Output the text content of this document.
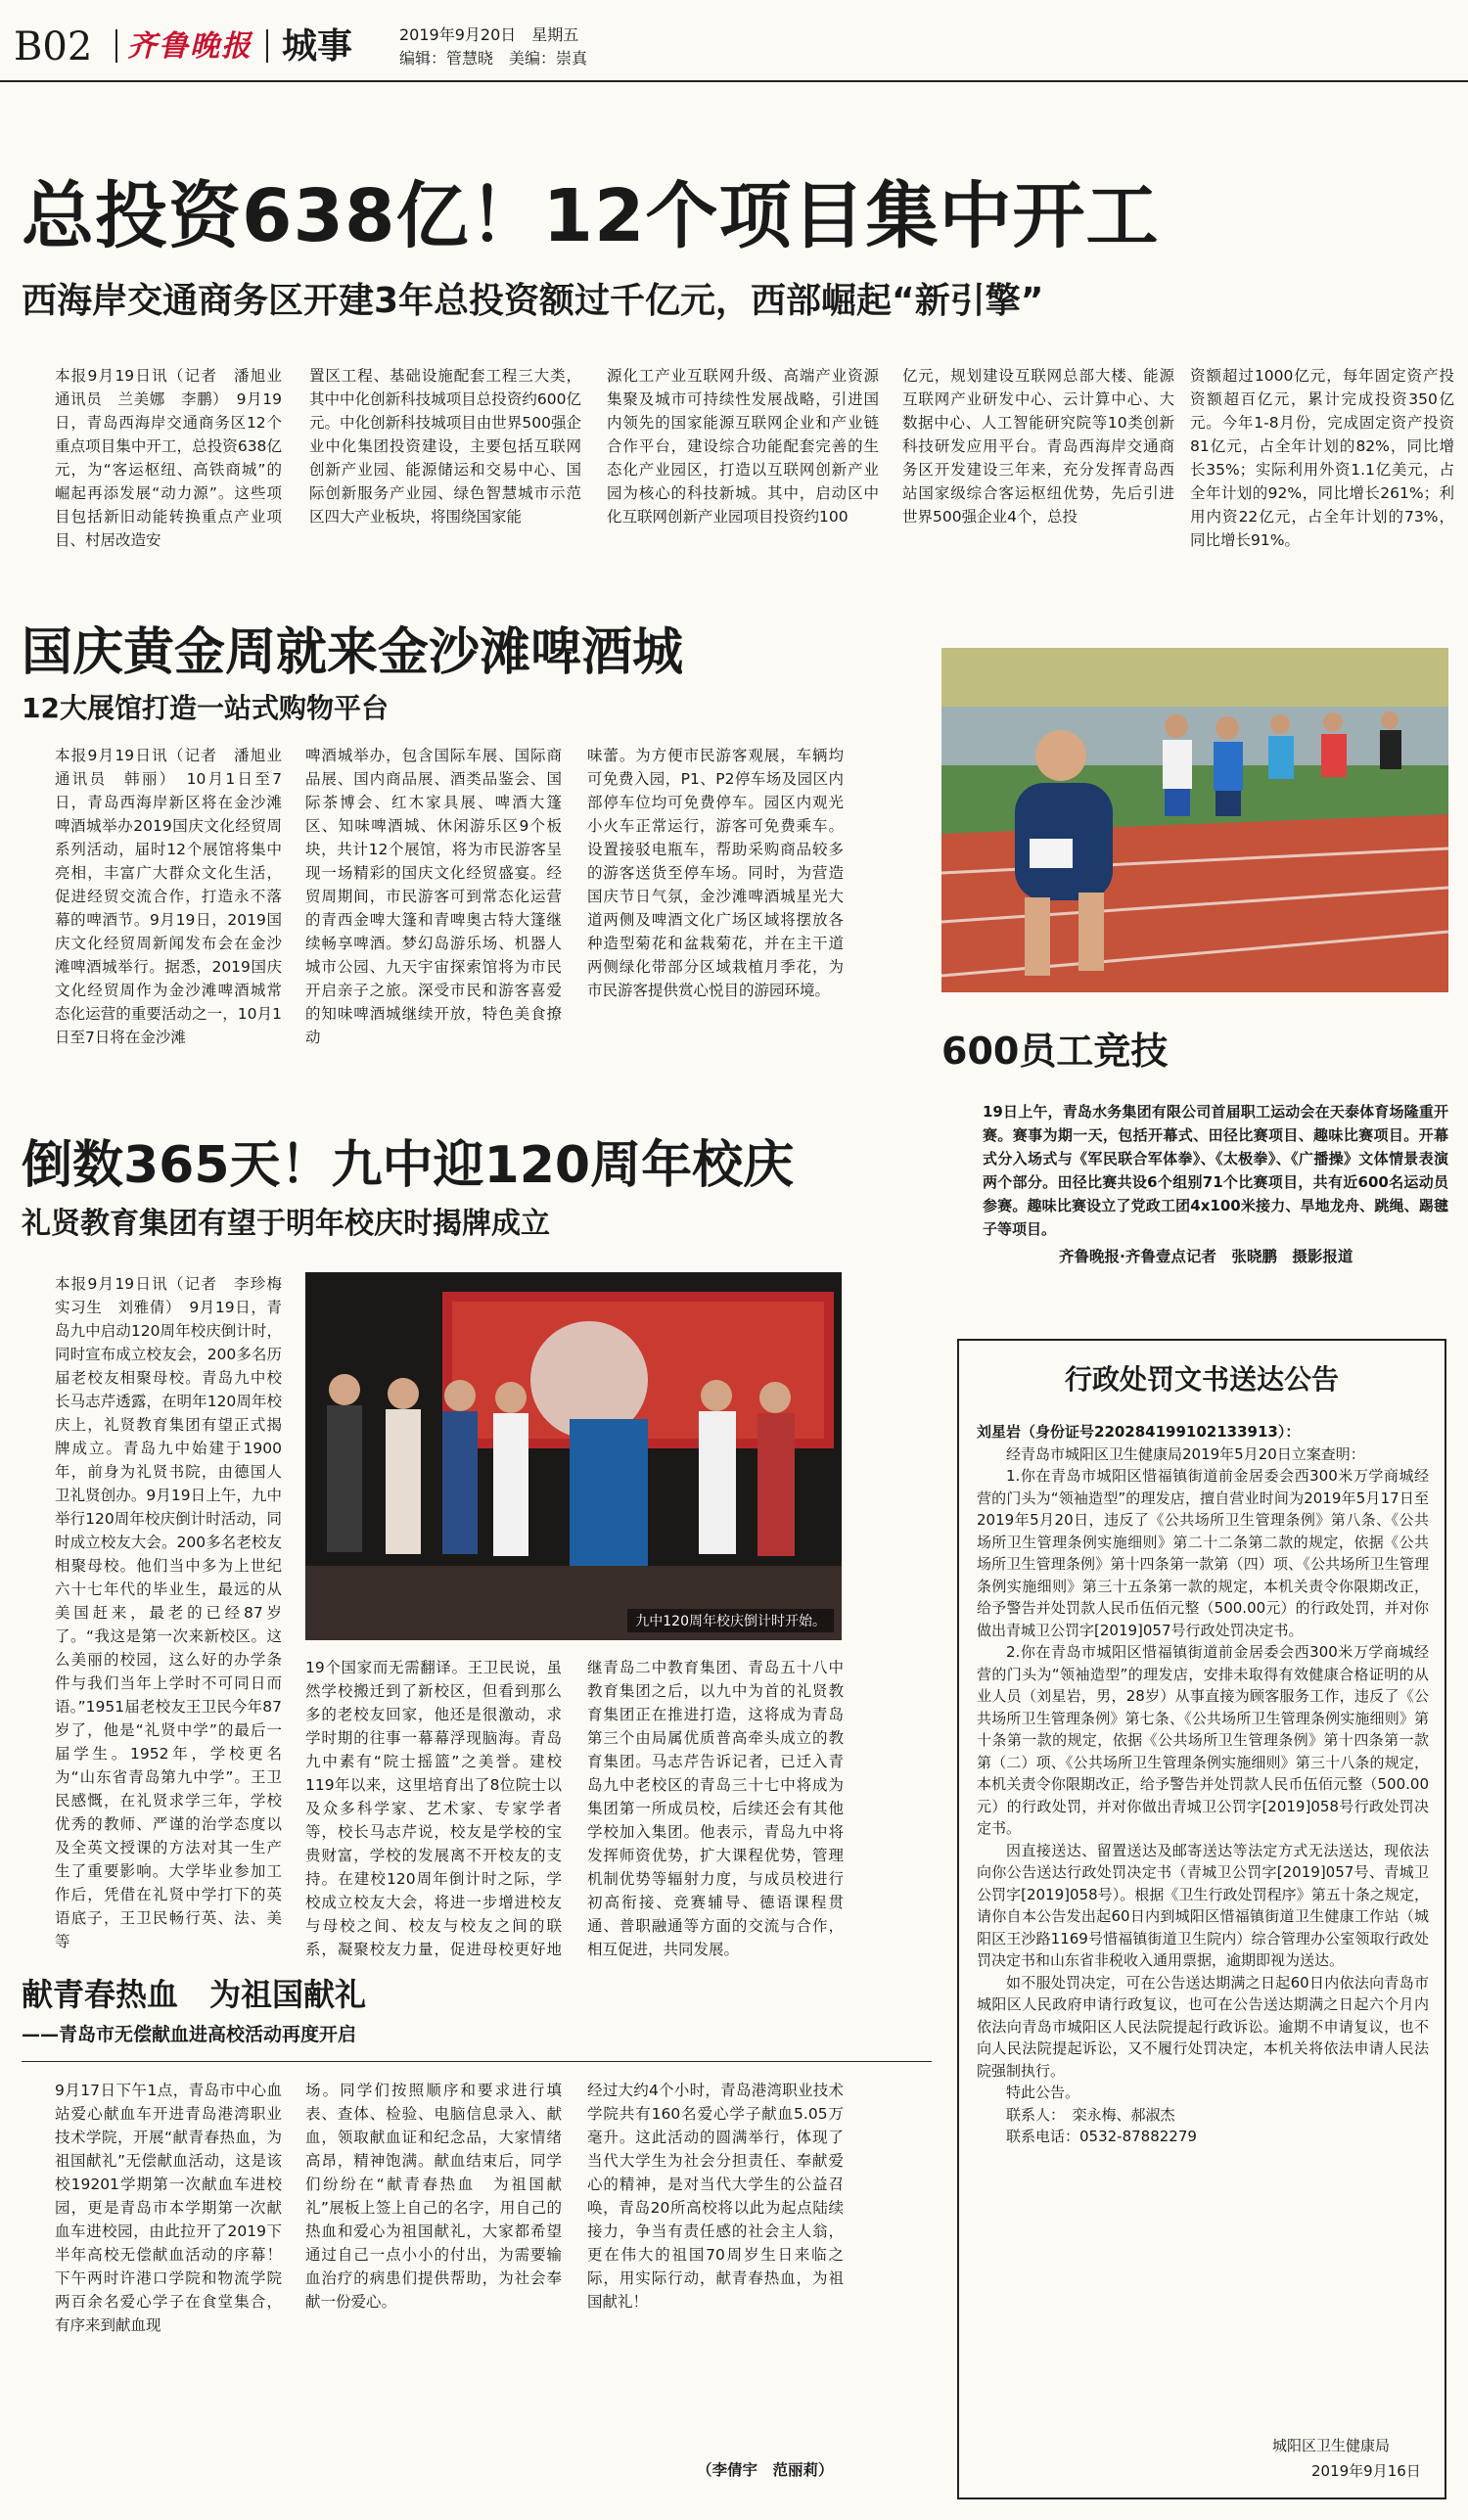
B02 齐鲁晚报 城事	2019年9月20日　星期五
编辑：管慧晓　美编：崇真
总投资638亿！12个项目集中开工
西海岸交通商务区开建3年总投资额过千亿元，西部崛起“新引擎”

本报9月19日讯（记者　潘旭业　通讯员　兰美娜　李鹏）　9月19日，青岛西海岸交通商务区12个重点项目集中开工，总投资638亿元，为“客运枢纽、高铁商城”的崛起再添发展“动力源”。这些项目包括新旧动能转换重点产业项目、村居改造安

置区工程、基础设施配套工程三大类，其中中化创新科技城项目总投资约600亿元。中化创新科技城项目由世界500强企业中化集团投资建设，主要包括互联网创新产业园、能源储运和交易中心、国际创新服务产业园、绿色智慧城市示范区四大产业板块，将围绕国家能

源化工产业互联网升级、高端产业资源集聚及城市可持续性发展战略，引进国内领先的国家能源互联网企业和产业链合作平台，建设综合功能配套完善的生态化产业园区，打造以互联网创新产业园为核心的科技新城。其中，启动区中化互联网创新产业园项目投资约100

亿元，规划建设互联网总部大楼、能源互联网产业研发中心、云计算中心、大数据中心、人工智能研究院等10类创新科技研发应用平台。青岛西海岸交通商务区开发建设三年来，充分发挥青岛西站国家级综合客运枢纽优势，先后引进世界500强企业4个，总投

资额超过1000亿元，每年固定资产投资额超百亿元，累计完成投资350亿元。今年1-8月份，完成固定资产投资81亿元，占全年计划的82%，同比增长35%；实际利用外资1.1亿美元，占全年计划的92%，同比增长261%；利用内资22亿元，占全年计划的73%，同比增长91%。

国庆黄金周就来金沙滩啤酒城
12大展馆打造一站式购物平台

本报9月19日讯（记者　潘旭业　通讯员　韩丽）　10月1日至7日，青岛西海岸新区将在金沙滩啤酒城举办2019国庆文化经贸周系列活动，届时12个展馆将集中亮相，丰富广大群众文化生活，促进经贸交流合作，打造永不落幕的啤酒节。9月19日，2019国庆文化经贸周新闻发布会在金沙滩啤酒城举行。据悉，2019国庆文化经贸周作为金沙滩啤酒城常态化运营的重要活动之一，10月1日至7日将在金沙滩

啤酒城举办，包含国际车展、国际商品展、国内商品展、酒类品鉴会、国际茶博会、红木家具展、啤酒大篷区、知味啤酒城、休闲游乐区9个板块，共计12个展馆，将为市民游客呈现一场精彩的国庆文化经贸盛宴。经贸周期间，市民游客可到常态化运营的青西金啤大篷和青啤奥古特大篷继续畅享啤酒。梦幻岛游乐场、机器人城市公园、九天宇宙探索馆将为市民开启亲子之旅。深受市民和游客喜爱的知味啤酒城继续开放，特色美食撩动

味蕾。为方便市民游客观展，车辆均可免费入园，P1、P2停车场及园区内部停车位均可免费停车。园区内观光小火车正常运行，游客可免费乘车。设置接驳电瓶车，帮助采购商品较多的游客送货至停车场。同时，为营造国庆节日气氛，金沙滩啤酒城星光大道两侧及啤酒文化广场区域将摆放各种造型菊花和盆栽菊花，并在主干道两侧绿化带部分区域栽植月季花，为市民游客提供赏心悦目的游园环境。

600员工竞技

19日上午，青岛水务集团有限公司首届职工运动会在天泰体育场隆重开赛。赛事为期一天，包括开幕式、田径比赛项目、趣味比赛项目。开幕式分入场式与《军民联合军体拳》、《太极拳》、《广播操》文体情景表演两个部分。田径比赛共设6个组别71个比赛项目，共有近600名运动员参赛。趣味比赛设立了党政工团4x100米接力、旱地龙舟、跳绳、踢毽子等项目。

齐鲁晚报·齐鲁壹点记者　张晓鹏　摄影报道
倒数365天！九中迎120周年校庆
礼贤教育集团有望于明年校庆时揭牌成立

本报9月19日讯（记者　李珍梅　实习生　刘雅倩）　9月19日，青岛九中启动120周年校庆倒计时，同时宣布成立校友会，200多名历届老校友相聚母校。青岛九中校长马志芹透露，在明年120周年校庆上，礼贤教育集团有望正式揭牌成立。青岛九中始建于1900年，前身为礼贤书院，由德国人卫礼贤创办。9月19日上午，九中举行120周年校庆倒计时活动，同时成立校友大会。200多名老校友相聚母校。他们当中多为上世纪六十七年代的毕业生，最远的从美国赶来，最老的已经87岁了。“我这是第一次来新校区。这么美丽的校园，这么好的办学条件与我们当年上学时不可同日而语。”1951届老校友王卫民今年87岁了，他是“礼贤中学”的最后一届学生。1952年，学校更名为“山东省青岛第九中学”。王卫民感慨，在礼贤求学三年，学校优秀的教师、严谨的治学态度以及全英文授课的方法对其一生产生了重要影响。大学毕业参加工作后，凭借在礼贤中学打下的英语底子，王卫民畅行英、法、美等

九中120周年校庆倒计时开始。

19个国家而无需翻译。王卫民说，虽然学校搬迁到了新校区，但看到那么多的老校友回家，他还是很激动，求学时期的往事一幕幕浮现脑海。青岛九中素有“院士摇篮”之美誉。建校119年以来，这里培育出了8位院士以及众多科学家、艺术家、专家学者等，校长马志芹说，校友是学校的宝贵财富，学校的发展离不开校友的支持。在建校120周年倒计时之际，学校成立校友大会，将进一步增进校友与母校之间、校友与校友之间的联系，凝聚校友力量，促进母校更好地

继青岛二中教育集团、青岛五十八中教育集团之后，以九中为首的礼贤教育集团正在推进打造，这将成为青岛第三个由局属优质普高牵头成立的教育集团。马志芹告诉记者，已迁入青岛九中老校区的青岛三十七中将成为集团第一所成员校，后续还会有其他学校加入集团。他表示，青岛九中将发挥师资优势，扩大课程优势，管理机制优势等辐射力度，与成员校进行初高衔接、竞赛辅导、德语课程贯通、普职融通等方面的交流与合作，相互促进，共同发展。

献青春热血　为祖国献礼
——青岛市无偿献血进高校活动再度开启

9月17日下午1点，青岛市中心血站爱心献血车开进青岛港湾职业技术学院，开展“献青春热血，为祖国献礼”无偿献血活动，这是该校19201学期第一次献血车进校园，更是青岛市本学期第一次献血车进校园，由此拉开了2019下半年高校无偿献血活动的序幕！下午两时许港口学院和物流学院两百余名爱心学子在食堂集合，有序来到献血现

场。同学们按照顺序和要求进行填表、查体、检验、电脑信息录入、献血，领取献血证和纪念品，大家情绪高昂，精神饱满。献血结束后，同学们纷纷在“献青春热血　为祖国献礼”展板上签上自己的名字，用自己的热血和爱心为祖国献礼，大家都希望通过自己一点小小的付出，为需要输血治疗的病患们提供帮助，为社会奉献一份爱心。

经过大约4个小时，青岛港湾职业技术学院共有160名爱心学子献血5.05万毫升。这此活动的圆满举行，体现了当代大学生为社会分担责任、奉献爱心的精神，是对当代大学生的公益召唤，青岛20所高校将以此为起点陆续接力，争当有责任感的社会主人翁，更在伟大的祖国70周岁生日来临之际，用实际行动，献青春热血，为祖国献礼！

（李倩宇　范丽莉）
行政处罚文书送达公告

刘星岩（身份证号220284199102133913）：

经青岛市城阳区卫生健康局2019年5月20日立案查明：

1.你在青岛市城阳区惜福镇街道前金居委会西300米万学商城经营的门头为“领袖造型”的理发店，擅自营业时间为2019年5月17日至2019年5月20日，违反了《公共场所卫生管理条例》第八条、《公共场所卫生管理条例实施细则》第二十二条第二款的规定，依据《公共场所卫生管理条例》第十四条第一款第（四）项、《公共场所卫生管理条例实施细则》第三十五条第一款的规定，本机关责令你限期改正，给予警告并处罚款人民币伍佰元整（500.00元）的行政处罚，并对你做出青城卫公罚字[2019]057号行政处罚决定书。

2.你在青岛市城阳区惜福镇街道前金居委会西300米万学商城经营的门头为“领袖造型”的理发店，安排未取得有效健康合格证明的从业人员（刘星岩，男，28岁）从事直接为顾客服务工作，违反了《公共场所卫生管理条例》第七条、《公共场所卫生管理条例实施细则》第十条第一款的规定，依据《公共场所卫生管理条例》第十四条第一款第（二）项、《公共场所卫生管理条例实施细则》第三十八条的规定，本机关责令你限期改正，给予警告并处罚款人民币伍佰元整（500.00元）的行政处罚，并对你做出青城卫公罚字[2019]058号行政处罚决定书。

因直接送达、留置送达及邮寄送达等法定方式无法送达，现依法向你公告送达行政处罚决定书（青城卫公罚字[2019]057号、青城卫公罚字[2019]058号）。根据《卫生行政处罚程序》第五十条之规定，请你自本公告发出起60日内到城阳区惜福镇街道卫生健康工作站（城阳区王沙路1169号惜福镇街道卫生院内）综合管理办公室领取行政处罚决定书和山东省非税收入通用票据，逾期即视为送达。

如不服处罚决定，可在公告送达期满之日起60日内依法向青岛市城阳区人民政府申请行政复议，也可在公告送达期满之日起六个月内依法向青岛市城阳区人民法院提起行政诉讼。逾期不申请复议，也不向人民法院提起诉讼，又不履行处罚决定，本机关将依法申请人民法院强制执行。

特此公告。

联系人：　栾永梅、郝淑杰

联系电话：0532-87882279

城阳区卫生健康局
2019年9月16日
